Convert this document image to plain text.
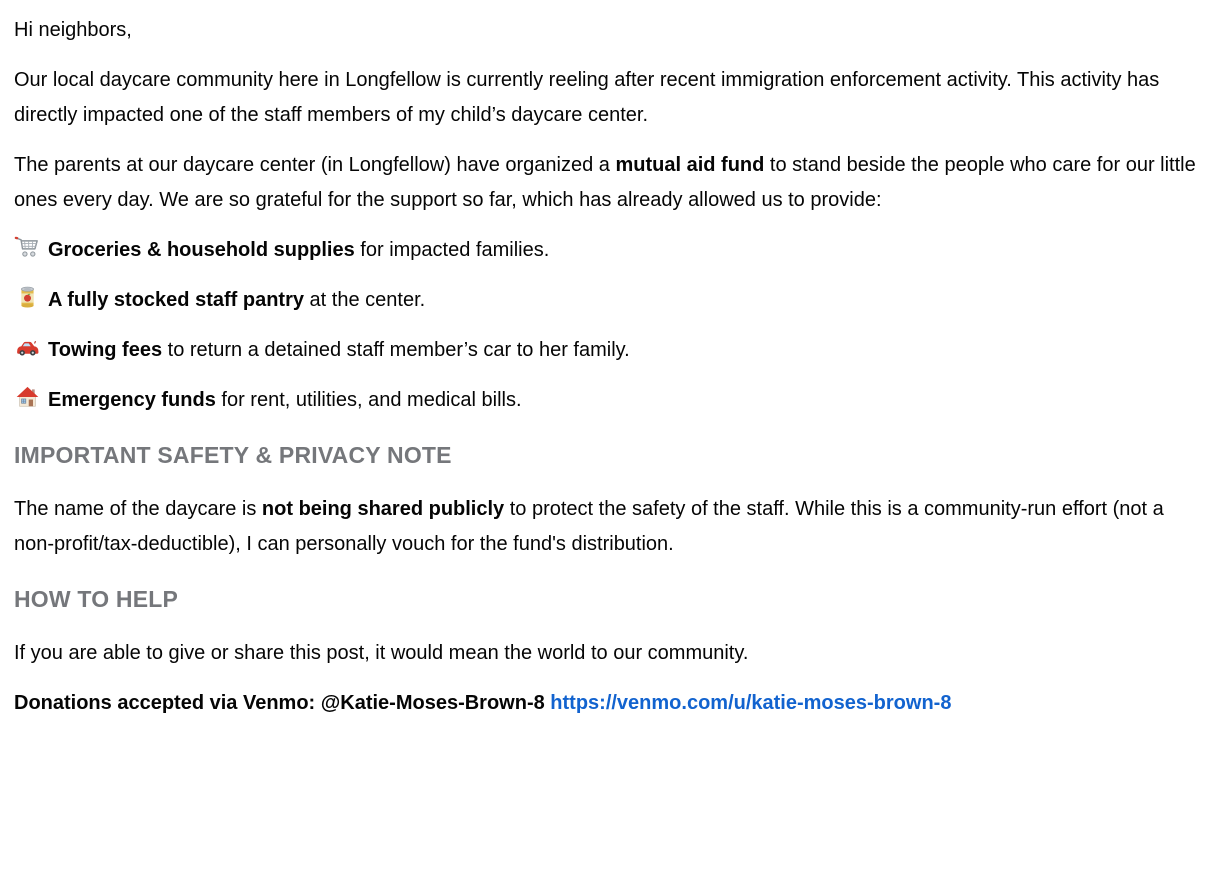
Hi neighbors,

Our local daycare community here in Longfellow is currently reeling after recent immigration enforcement activity. This activity has directly impacted one of the staff members of my child’s daycare center.

The parents at our daycare center (in Longfellow) have organized a mutual aid fund to stand beside the people who care for our little ones every day. We are so grateful for the support so far, which has already allowed us to provide:

Groceries & household supplies for impacted families.

A fully stocked staff pantry at the center.

Towing fees to return a detained staff member’s car to her family.

Emergency funds for rent, utilities, and medical bills.

IMPORTANT SAFETY & PRIVACY NOTE

The name of the daycare is not being shared publicly to protect the safety of the staff. While this is a community-run effort (not a non-profit/tax-deductible), I can personally vouch for the fund's distribution.

HOW TO HELP

If you are able to give or share this post, it would mean the world to our community.

Donations accepted via Venmo: @Katie-Moses-Brown-8 https://venmo.com/u/katie-moses-brown-8
